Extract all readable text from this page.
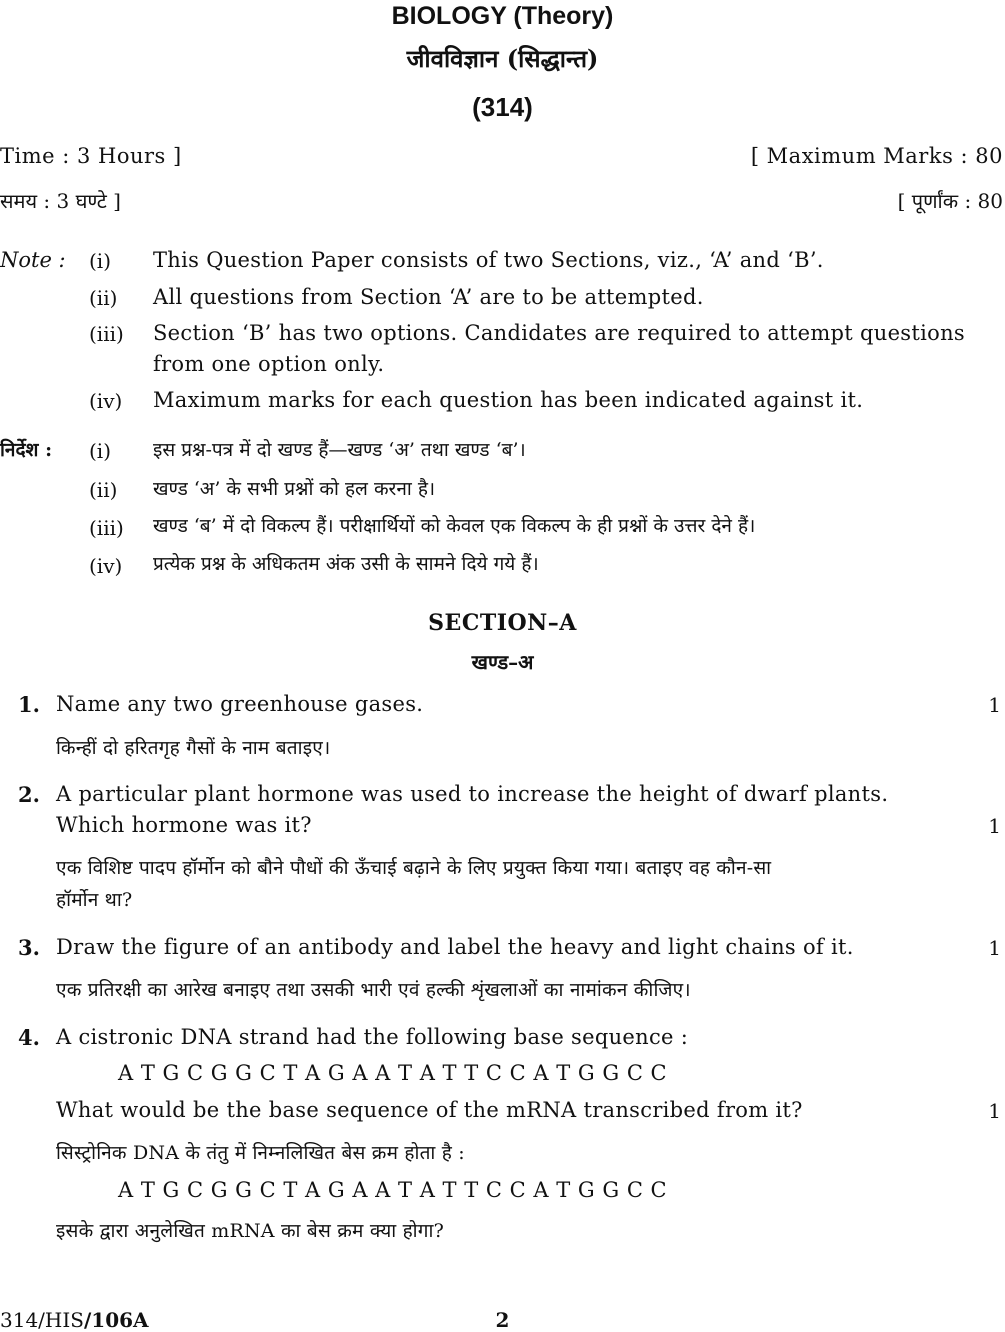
BIOLOGY (Theory)
जीवविज्ञान (सिद्धान्त)
(314)
Time : 3 Hours ]	[ Maximum Marks : 80
समय : 3 घण्टे ]	[ पूर्णांक : 80
Note : (i) This Question Paper consists of two Sections, viz., ‘A’ and ‘B’.
(ii) All questions from Section ‘A’ are to be attempted.
(iii) Section ‘B’ has two options. Candidates are required to attempt questions
from one option only.
(iv) Maximum marks for each question has been indicated against it.
निर्देश : (i) इस प्रश्न-पत्र में दो खण्ड हैं—खण्ड ‘अ’ तथा खण्ड ‘ब’।
(ii) खण्ड ‘अ’ के सभी प्रश्नों को हल करना है।
(iii) खण्ड ‘ब’ में दो विकल्प हैं। परीक्षार्थियों को केवल एक विकल्प के ही प्रश्नों के उत्तर देने हैं।
(iv) प्रत्येक प्रश्न के अधिकतम अंक उसी के सामने दिये गये हैं।
SECTION–A
खण्ड–अ
1. Name any two greenhouse gases.	1
किन्हीं दो हरितगृह गैसों के नाम बताइए।
2. A particular plant hormone was used to increase the height of dwarf plants.
Which hormone was it?	1
एक विशिष्ट पादप हॉर्मोन को बौने पौधों की ऊँचाई बढ़ाने के लिए प्रयुक्त किया गया। बताइए वह कौन-सा
हॉर्मोन था?
3. Draw the figure of an antibody and label the heavy and light chains of it.	1
एक प्रतिरक्षी का आरेख बनाइए तथा उसकी भारी एवं हल्की शृंखलाओं का नामांकन कीजिए।
4. A cistronic DNA strand had the following base sequence :
A T G C G G C T A G A A T A T T C C A T G G C C
What would be the base sequence of the mRNA transcribed from it?	1
सिस्ट्रोनिक DNA के तंतु में निम्नलिखित बेस क्रम होता है :
A T G C G G C T A G A A T A T T C C A T G G C C
इसके द्वारा अनुलेखित mRNA का बेस क्रम क्या होगा?
314/HIS/106A	2
